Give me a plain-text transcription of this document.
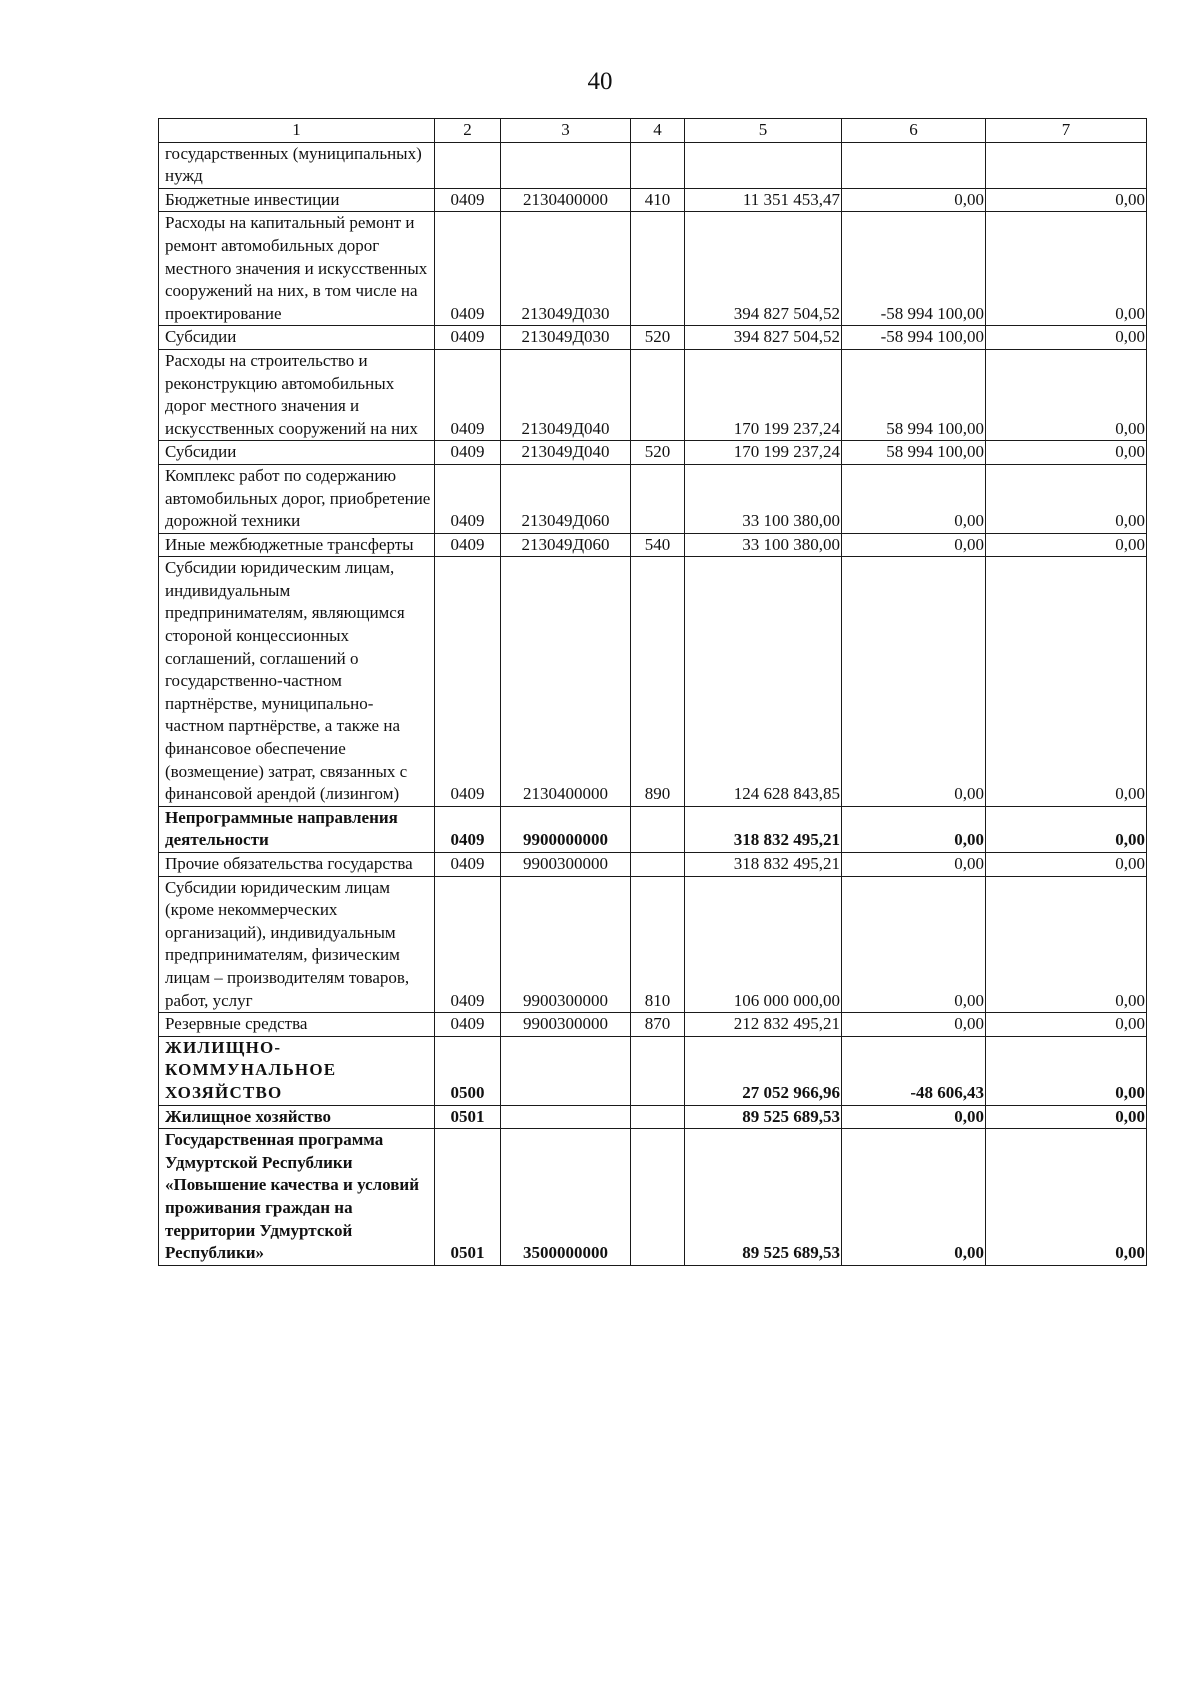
40
1	2	3	4	5	6	7
государственных (муниципальных) нужд						
Бюджетные инвестиции	0409	2130400000	410	11 351 453,47	0,00	0,00
Расходы на капитальный ремонт и ремонт автомобильных дорог местного значения и искусственных сооружений на них, в том числе на проектирование	0409	213049Д030		394 827 504,52	-58 994 100,00	0,00
Субсидии	0409	213049Д030	520	394 827 504,52	-58 994 100,00	0,00
Расходы на строительство и реконструкцию автомобильных дорог местного значения и искусственных сооружений на них	0409	213049Д040		170 199 237,24	58 994 100,00	0,00
Субсидии	0409	213049Д040	520	170 199 237,24	58 994 100,00	0,00
Комплекс работ по содержанию автомобильных дорог, приобретение дорожной техники	0409	213049Д060		33 100 380,00	0,00	0,00
Иные межбюджетные трансферты	0409	213049Д060	540	33 100 380,00	0,00	0,00
Субсидии юридическим лицам, индивидуальным предпринимателям, являющимся стороной концессионных соглашений, соглашений о государственно-частном партнёрстве, муниципально-частном партнёрстве, а также на финансовое обеспечение (возмещение) затрат, связанных с финансовой арендой (лизингом)	0409	2130400000	890	124 628 843,85	0,00	0,00
Непрограммные направления деятельности	0409	9900000000		318 832 495,21	0,00	0,00
Прочие обязательства государства	0409	9900300000		318 832 495,21	0,00	0,00
Субсидии юридическим лицам (кроме некоммерческих организаций), индивидуальным предпринимателям, физическим лицам – производителям товаров, работ, услуг	0409	9900300000	810	106 000 000,00	0,00	0,00
Резервные средства	0409	9900300000	870	212 832 495,21	0,00	0,00
ЖИЛИЩНО-КОММУНАЛЬНОЕ ХОЗЯЙСТВО	0500			27 052 966,96	-48 606,43	0,00
Жилищное хозяйство	0501			89 525 689,53	0,00	0,00
Государственная программа Удмуртской Республики «Повышение качества и условий проживания граждан на территории Удмуртской Республики»	0501	3500000000		89 525 689,53	0,00	0,00
